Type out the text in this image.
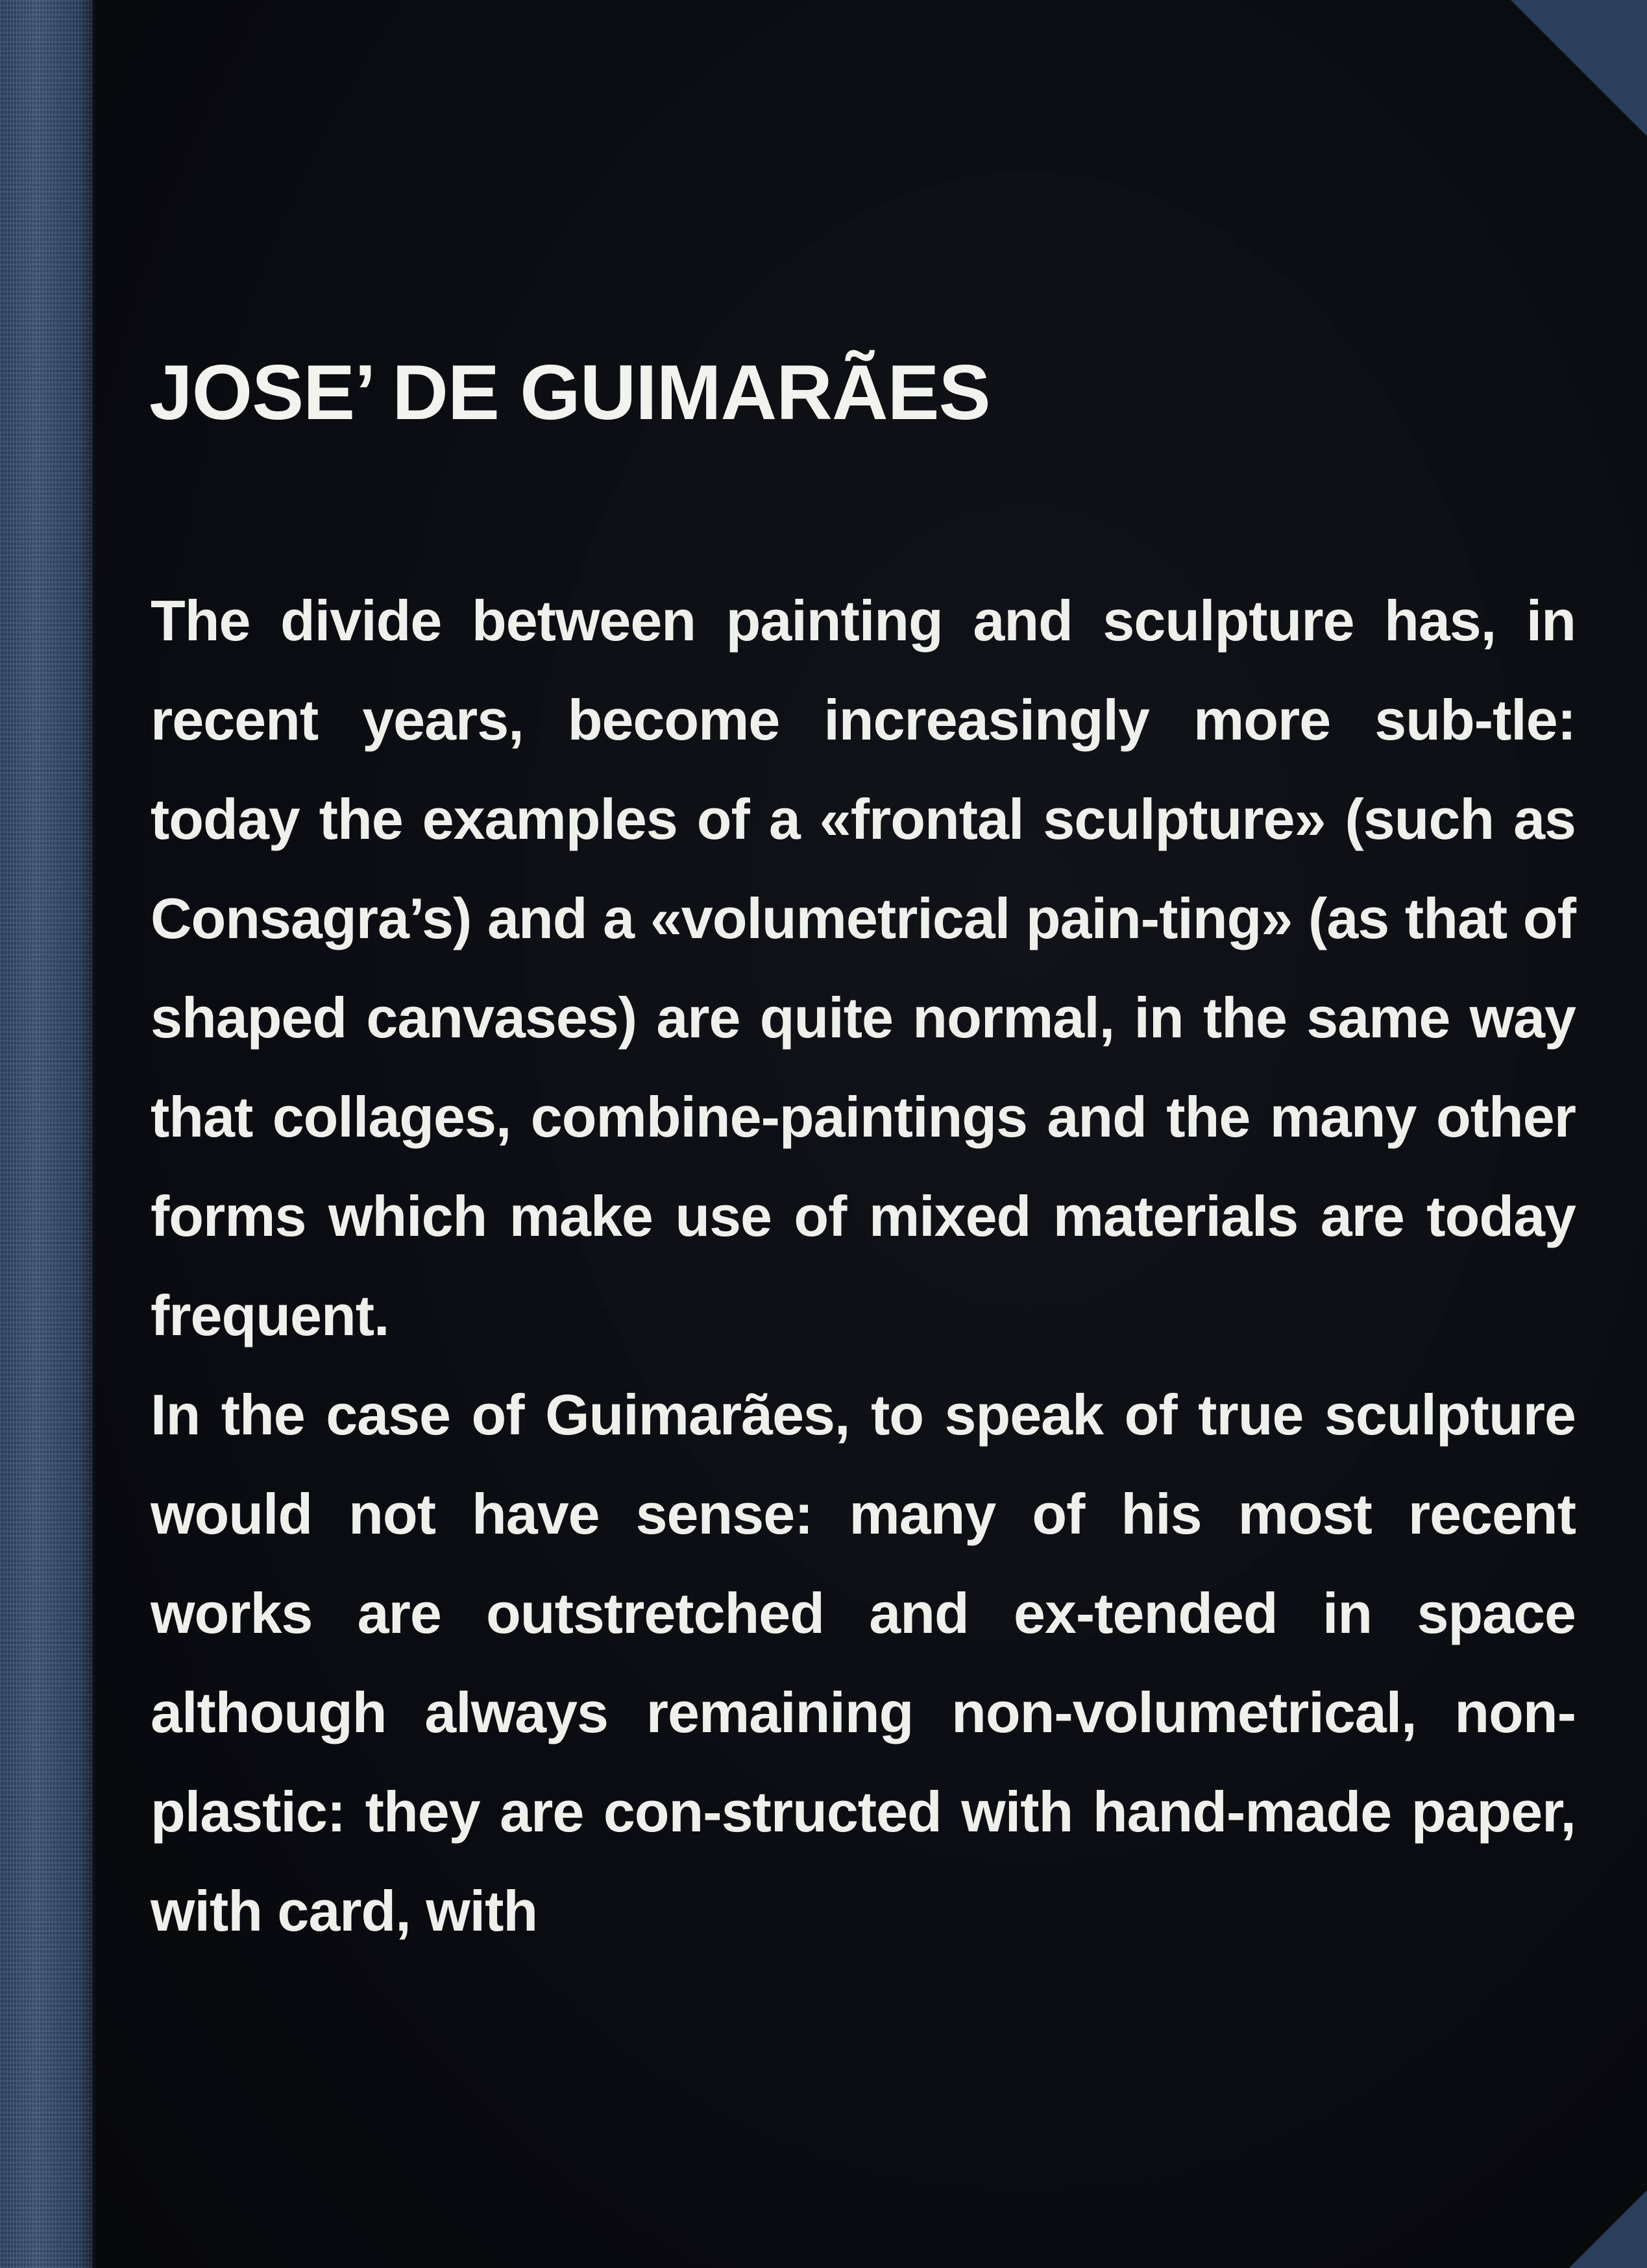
JOSE’ DE GUIMARÃES

The divide between painting and sculpture has, in recent years, become increasingly more sub-tle: today the examples of a «frontal sculpture» (such as Consagra’s) and a «volumetrical pain-ting» (as that of shaped canvases) are quite normal, in the same way that collages, combine-paintings and the many other forms which make use of mixed materials are today frequent.

In the case of Guimarães, to speak of true sculpture would not have sense: many of his most recent works are outstretched and ex-tended in space although always remaining non-volumetrical, non-plastic: they are con-structed with hand-made paper, with card, with
